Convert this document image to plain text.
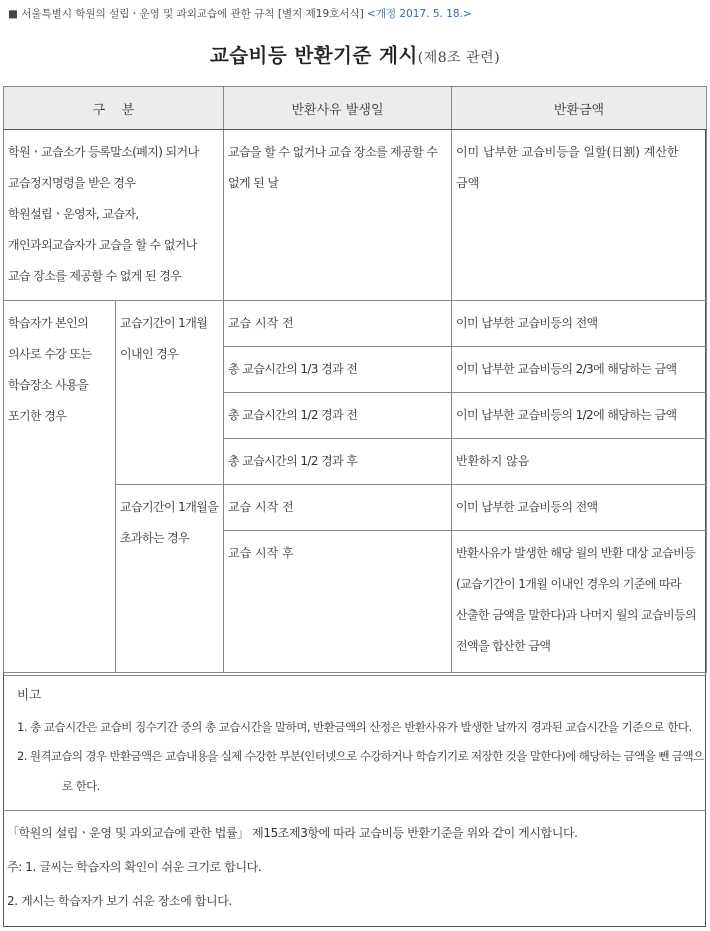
■ 서울특별시 학원의 설립ㆍ운영 및 과외교습에 관한 규칙 [별지 제19호서식] <개정 2017. 5. 18.>
교습비등 반환기준 게시(제8조 관련)
구    분		반환사유 발생일	반환금액

학원ㆍ교습소가 등록말소(폐지) 되거나 교습정지명령을 받은 경우 학원설립ㆍ운영자, 교습자, 개인과외교습자가 교습을 할 수 없거나 교습 장소를 제공할 수 없게 된 경우		교습을 할 수 없거나 교습 장소를 제공할 수 없게 된 날	이미 납부한 교습비등을 일할(日割) 계산한 금액

학습자가 본인의 의사로 수강 또는 학습장소 사용을 포기한 경우	교습기간이 1개월 이내인 경우	교습 시작 전	이미 납부한 교습비등의 전액

		총 교습시간의 1/3 경과 전	이미 납부한 교습비등의 2/3에 해당하는 금액

		총 교습시간의 1/2 경과 전	이미 납부한 교습비등의 1/2에 해당하는 금액

		총 교습시간의 1/2 경과 후	반환하지 않음

	교습기간이 1개월을 초과하는 경우	교습 시작 전	이미 납부한 교습비등의 전액

		교습 시작 후	반환사유가 발생한 해당 월의 반환 대상 교습비등(교습기간이 1개월 이내인 경우의 기준에 따라 산출한 금액을 말한다)과 나머지 월의 교습비등의 전액을 합산한 금액
비고
1. 총 교습시간은 교습비 징수기간 중의 총 교습시간을 말하며, 반환금액의 산정은 반환사유가 발생한 날까지 경과된 교습시간을 기준으로 한다.
2. 원격교습의 경우 반환금액은 교습내용을 실제 수강한 부분(인터넷으로 수강하거나 학습기기로 저장한 것을 말한다)에 해당하는 금액을 뺀 금액으
로 한다.
「학원의 설립ㆍ운영 및 과외교습에 관한 법률」 제15조제3항에 따라 교습비등 반환기준을 위와 같이 게시합니다.
주: 1. 글씨는 학습자의 확인이 쉬운 크기로 합니다.
2. 게시는 학습자가 보기 쉬운 장소에 합니다.
